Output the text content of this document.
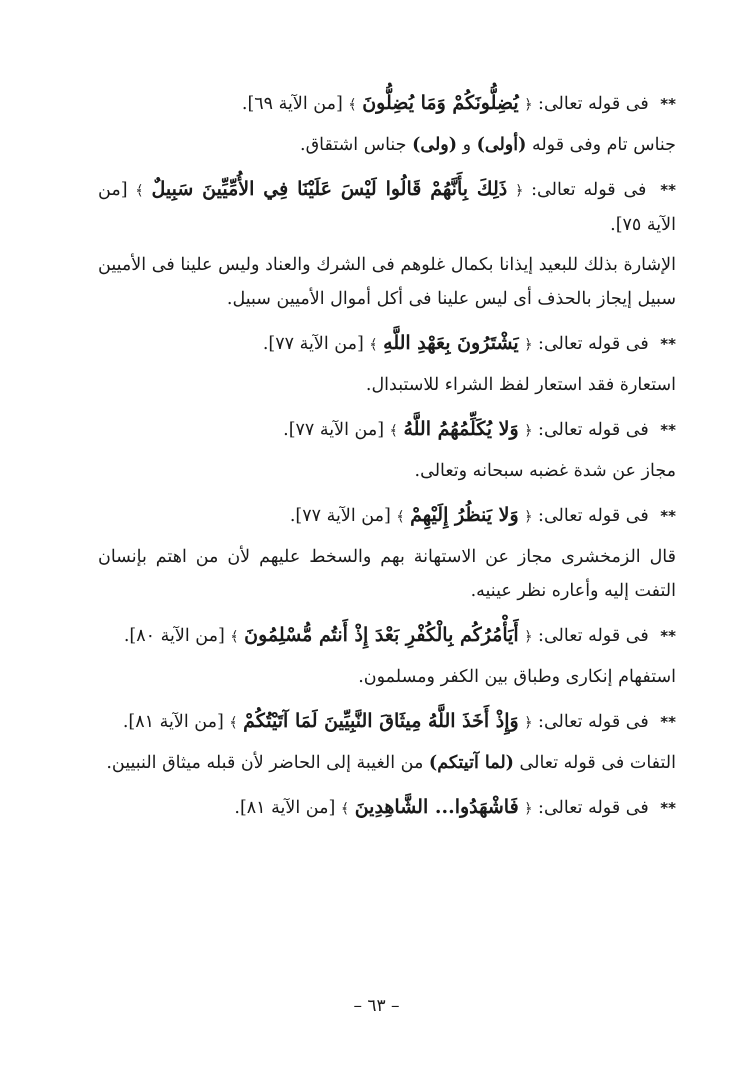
** فى قوله تعالى: ﴿ يُضِلُّونَكُمْ وَمَا يُضِلُّونَ ﴾ [من الآية ٦٩].

جناس تام وفى قوله (أولى) و (ولى) جناس اشتقاق.

** فى قوله تعالى: ﴿ ذَلِكَ بِأَنَّهُمْ قَالُوا لَيْسَ عَلَيْنَا فِي الأُمِّيِّينَ سَبِيلٌ ﴾ [من الآية ٧٥].

الإشارة بذلك للبعيد إيذانا بكمال غلوهم فى الشرك والعناد وليس علينا فى الأميين سبيل إيجاز بالحذف أى ليس علينا فى أكل أموال الأميين سبيل.

** فى قوله تعالى: ﴿ يَشْتَرُونَ بِعَهْدِ اللَّهِ ﴾ [من الآية ٧٧].

استعارة فقد استعار لفظ الشراء للاستبدال.

** فى قوله تعالى: ﴿ وَلا يُكَلِّمُهُمُ اللَّهُ ﴾ [من الآية ٧٧].

مجاز عن شدة غضبه سبحانه وتعالى.

** فى قوله تعالى: ﴿ وَلا يَنظُرُ إِلَيْهِمْ ﴾ [من الآية ٧٧].

قال الزمخشرى مجاز عن الاستهانة بهم والسخط عليهم لأن من اهتم بإنسان التفت إليه وأعاره نظر عينيه.

** فى قوله تعالى: ﴿ أَيَأْمُرُكُم بِالْكُفْرِ بَعْدَ إِذْ أَنتُم مُّسْلِمُونَ ﴾ [من الآية ٨٠].

استفهام إنكارى وطباق بين الكفر ومسلمون.

** فى قوله تعالى: ﴿ وَإِذْ أَخَذَ اللَّهُ مِيثَاقَ النَّبِيِّينَ لَمَا آتَيْتُكُمْ ﴾ [من الآية ٨١].

التفات فى قوله تعالى (لما آتيتكم) من الغيبة إلى الحاضر لأن قبله ميثاق النبيين.

** فى قوله تعالى: ﴿ فَاشْهَدُوا... الشَّاهِدِينَ ﴾ [من الآية ٨١].

– ٦٣ –
